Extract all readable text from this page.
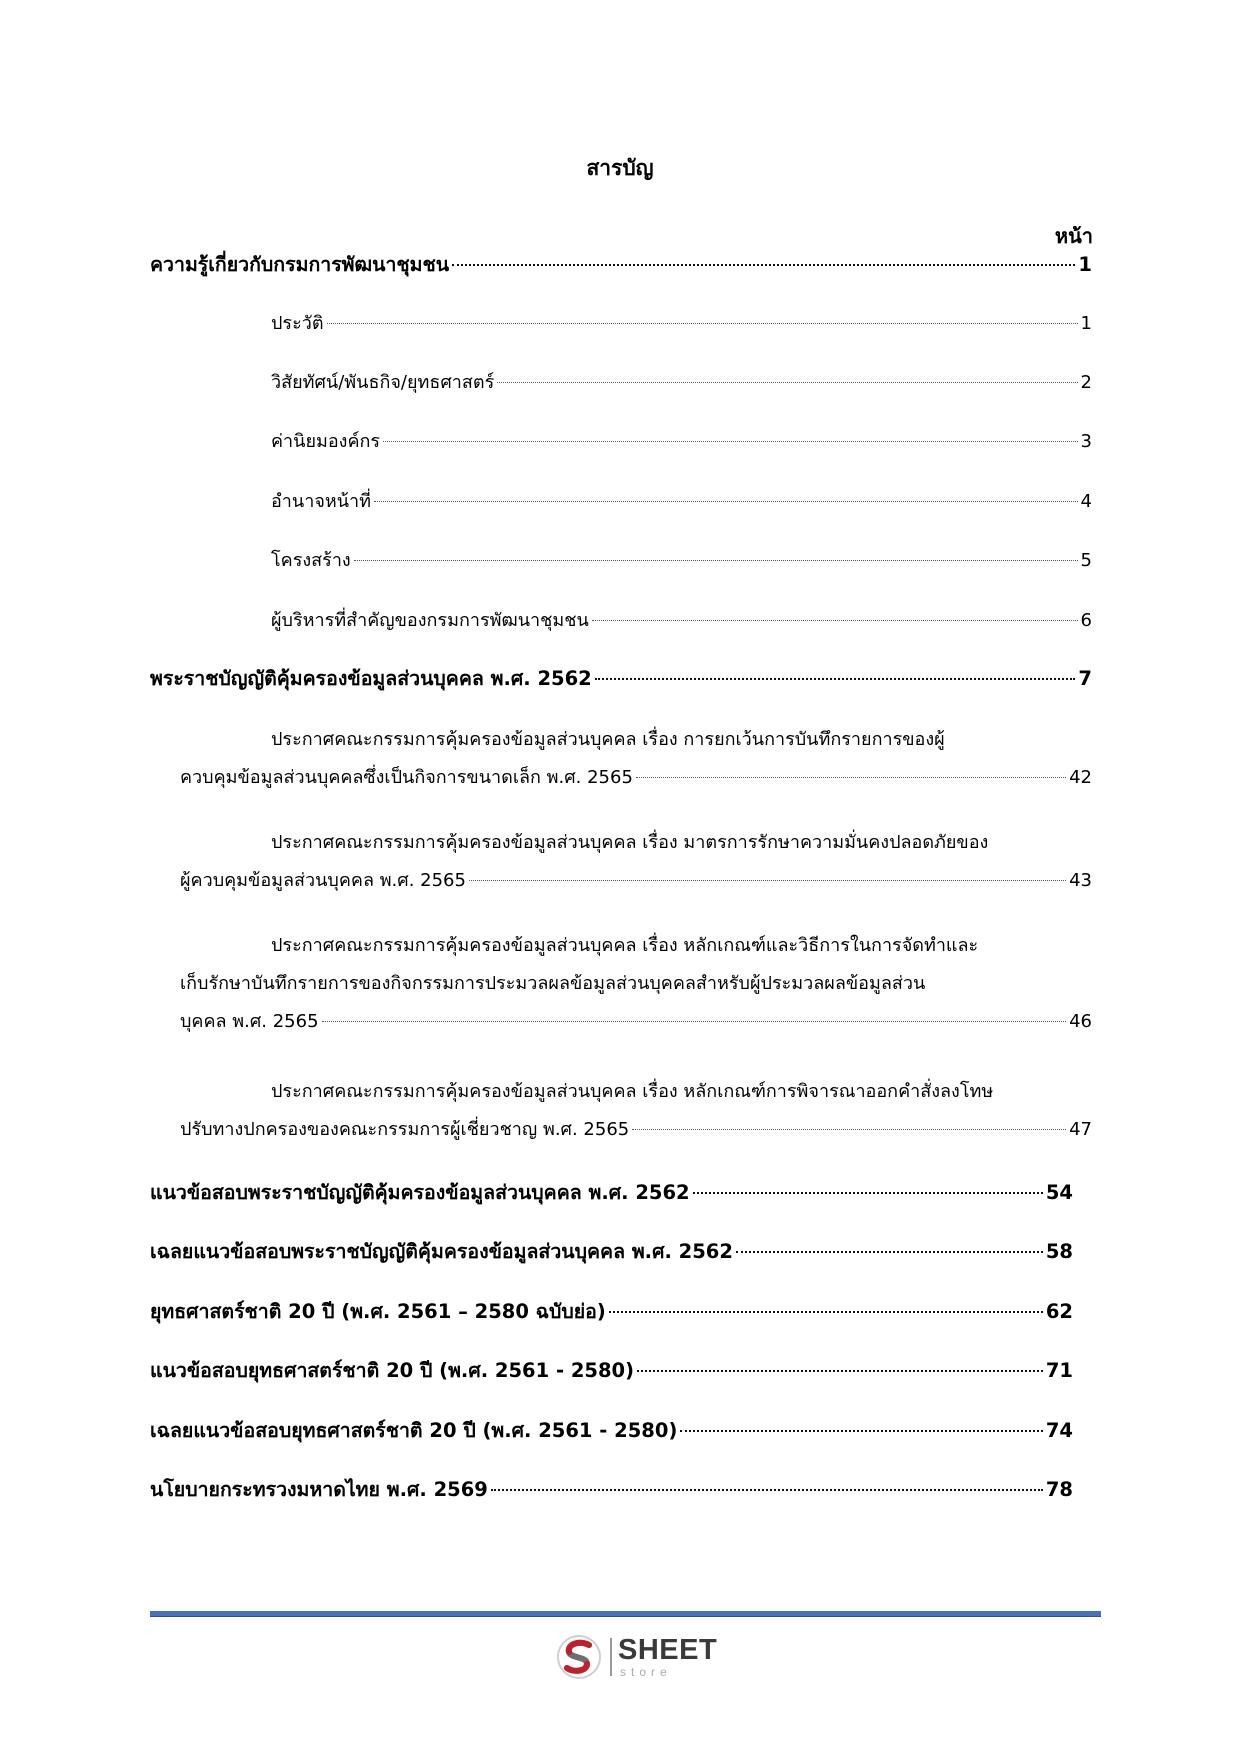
สารบัญ
หน้า
ความรู้เกี่ยวกับกรมการพัฒนาชุมชน	1
ประวัติ	1
วิสัยทัศน์/พันธกิจ/ยุทธศาสตร์	2
ค่านิยมองค์กร	3
อำนาจหน้าที่	4
โครงสร้าง	5
ผู้บริหารที่สำคัญของกรมการพัฒนาชุมชน	6
พระราชบัญญัติคุ้มครองข้อมูลส่วนบุคคล พ.ศ. 2562	7
ประกาศคณะกรรมการคุ้มครองข้อมูลส่วนบุคคล เรื่อง การยกเว้นการบันทึกรายการของผู้
ควบคุมข้อมูลส่วนบุคคลซึ่งเป็นกิจการขนาดเล็ก พ.ศ. 2565	42
ประกาศคณะกรรมการคุ้มครองข้อมูลส่วนบุคคล เรื่อง มาตรการรักษาความมั่นคงปลอดภัยของ
ผู้ควบคุมข้อมูลส่วนบุคคล พ.ศ. 2565	43
ประกาศคณะกรรมการคุ้มครองข้อมูลส่วนบุคคล เรื่อง หลักเกณฑ์และวิธีการในการจัดทำและ
เก็บรักษาบันทึกรายการของกิจกรรมการประมวลผลข้อมูลส่วนบุคคลสำหรับผู้ประมวลผลข้อมูลส่วน
บุคคล พ.ศ. 2565	46
ประกาศคณะกรรมการคุ้มครองข้อมูลส่วนบุคคล เรื่อง หลักเกณฑ์การพิจารณาออกคำสั่งลงโทษ
ปรับทางปกครองของคณะกรรมการผู้เชี่ยวชาญ พ.ศ. 2565	47
แนวข้อสอบพระราชบัญญัติคุ้มครองข้อมูลส่วนบุคคล พ.ศ. 2562	54
เฉลยแนวข้อสอบพระราชบัญญัติคุ้มครองข้อมูลส่วนบุคคล พ.ศ. 2562	58
ยุทธศาสตร์ชาติ 20 ปี (พ.ศ. 2561 – 2580 ฉบับย่อ)	62
แนวข้อสอบยุทธศาสตร์ชาติ 20 ปี (พ.ศ. 2561 - 2580)	71
เฉลยแนวข้อสอบยุทธศาสตร์ชาติ 20 ปี (พ.ศ. 2561 - 2580)	74
นโยบายกระทรวงมหาดไทย พ.ศ. 2569	78
SHEET
store
